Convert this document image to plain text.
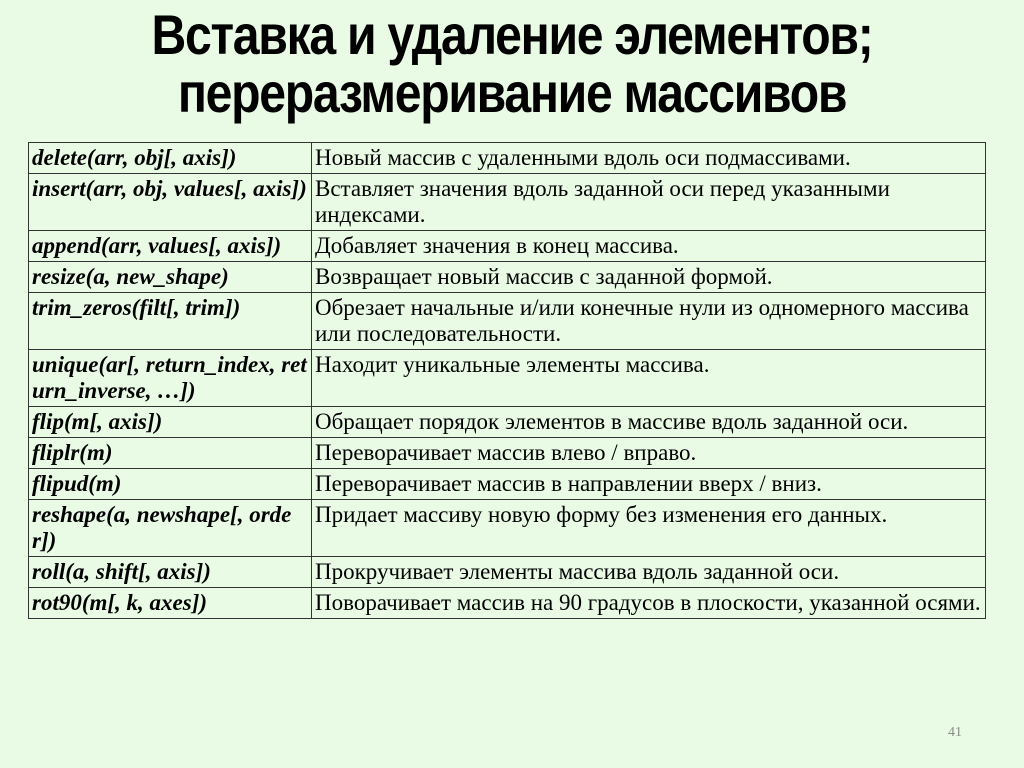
Вставка и удаление элементов;
переразмеривание массивов
delete(arr, obj[, axis])	Новый массив с удаленными вдоль оси подмассивами.
insert(arr, obj, values[, axis])	Вставляет значения вдоль заданной оси перед указанными индексами.
append(arr, values[, axis])	Добавляет значения в конец массива.
resize(a, new_shape)	Возвращает новый массив с заданной формой.
trim_zeros(filt[, trim])	Обрезает начальные и/или конечные нули из одномерного массива или последовательности.
unique(ar[, return_index, return_inverse, …])	Находит уникальные элементы массива.
flip(m[, axis])	Обращает порядок элементов в массиве вдоль заданной оси.
fliplr(m)	Переворачивает массив влево / вправо.
flipud(m)	Переворачивает массив в направлении вверх / вниз.
reshape(a, newshape[, order])	Придает массиву новую форму без изменения его данных.
roll(a, shift[, axis])	Прокручивает элементы массива вдоль заданной оси.
rot90(m[, k, axes])	Поворачивает массив на 90 градусов в плоскости, указанной осями.
41
